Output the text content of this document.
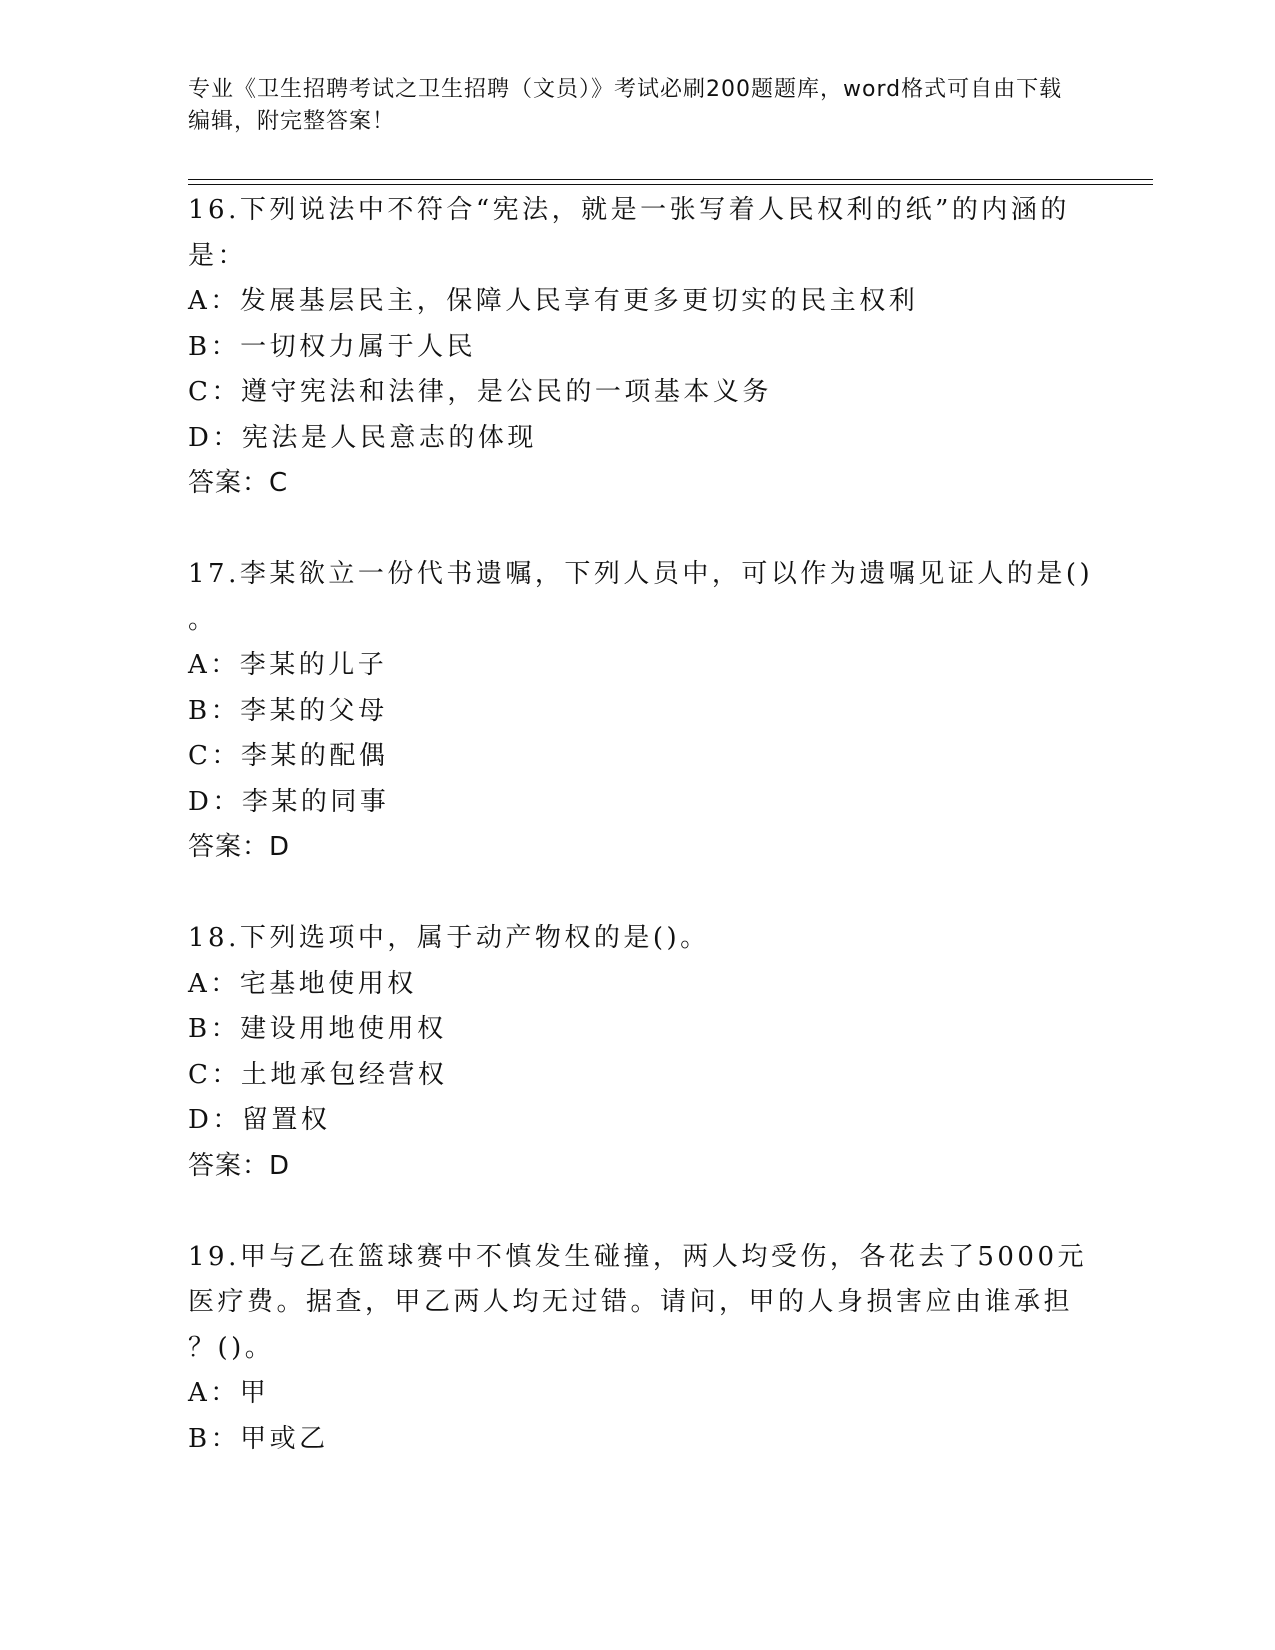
专业《卫生招聘考试之卫生招聘（文员）》考试必刷200题题库，word格式可自由下载编辑，附完整答案！
16.下列说法中不符合“宪法，就是一张写着人民权利的纸”的内涵的
是：
A：发展基层民主，保障人民享有更多更切实的民主权利
B：一切权力属于人民
C：遵守宪法和法律，是公民的一项基本义务
D：宪法是人民意志的体现
答案：C
17.李某欲立一份代书遗嘱，下列人员中，可以作为遗嘱见证人的是()
。
A：李某的儿子
B：李某的父母
C：李某的配偶
D：李某的同事
答案：D
18.下列选项中，属于动产物权的是()。
A：宅基地使用权
B：建设用地使用权
C：土地承包经营权
D：留置权
答案：D
19.甲与乙在篮球赛中不慎发生碰撞，两人均受伤，各花去了5000元
医疗费。据查，甲乙两人均无过错。请问，甲的人身损害应由谁承担
？()。
A：甲
B：甲或乙
